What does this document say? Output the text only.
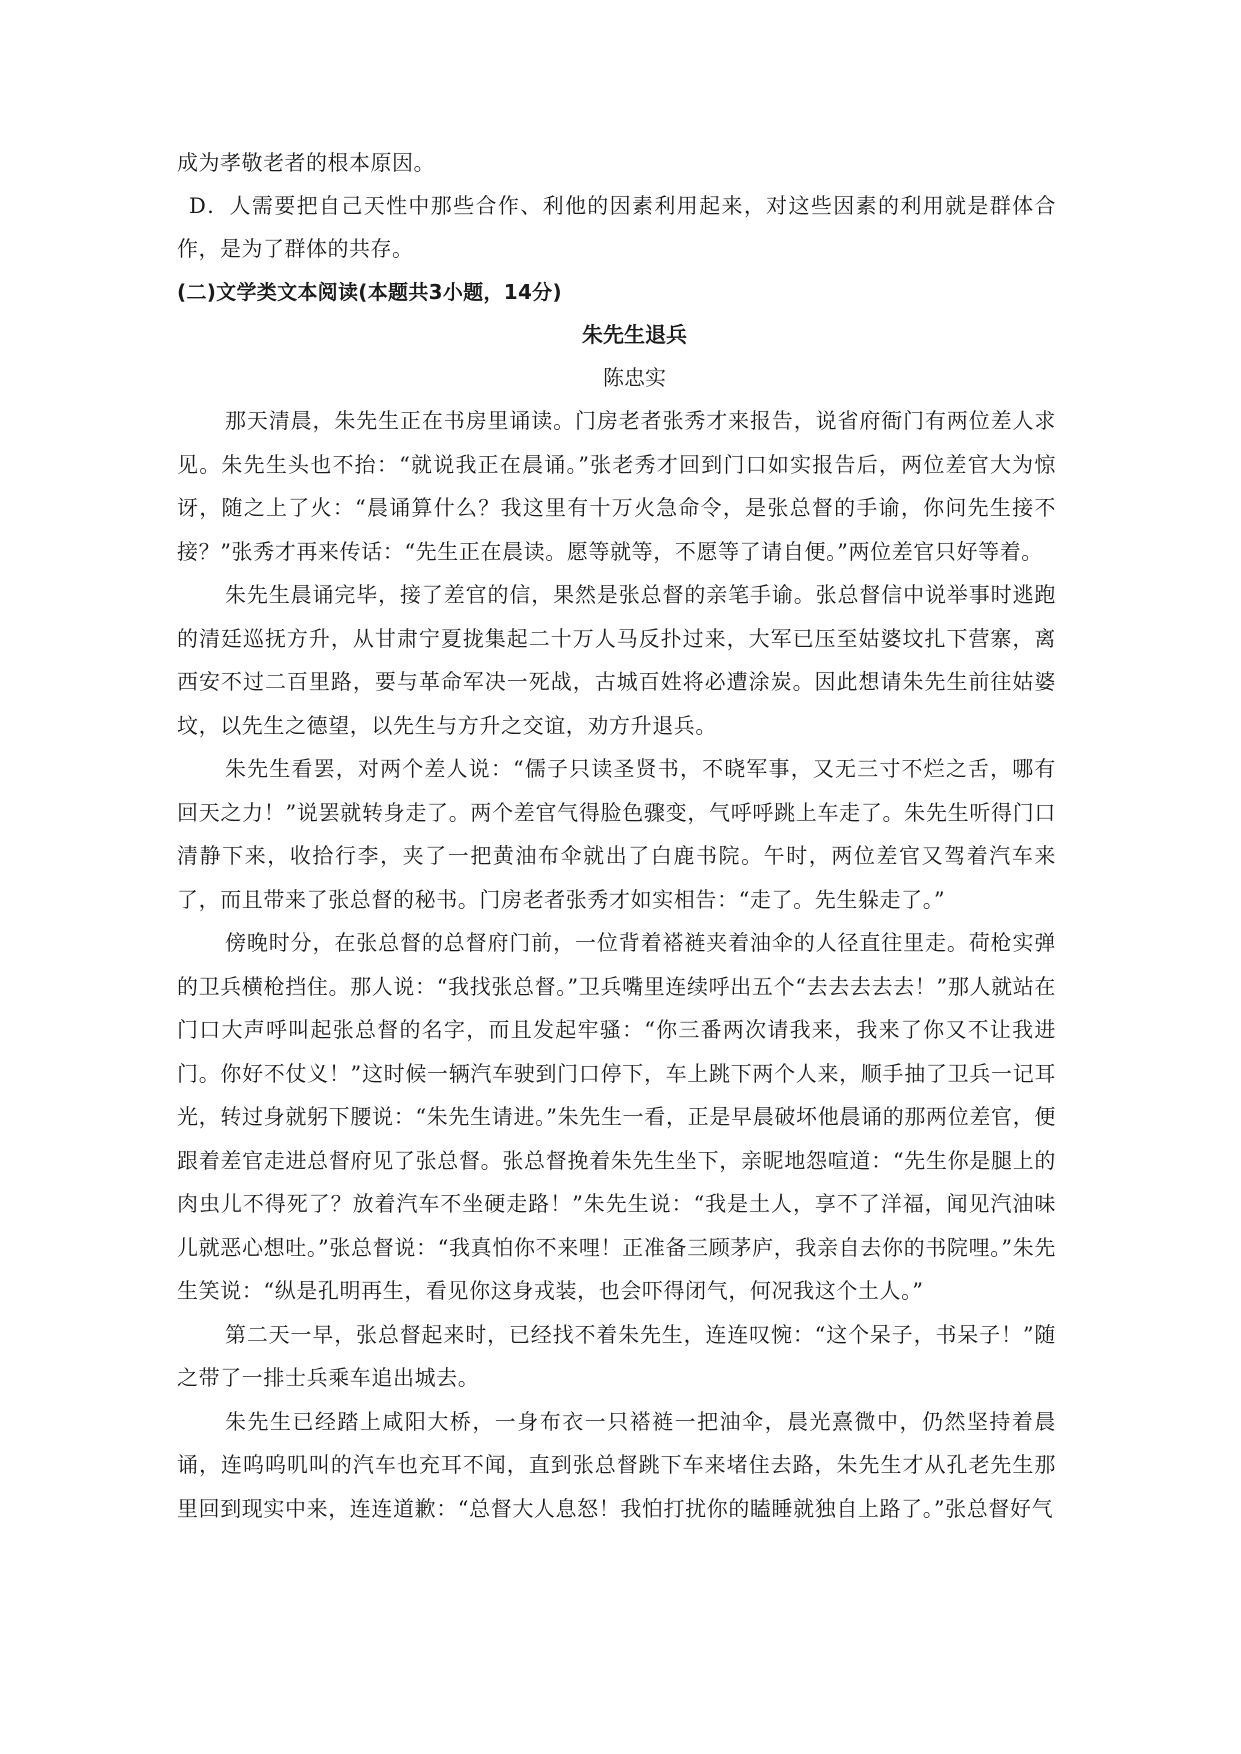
成为孝敬老者的根本原因。

D．人需要把自己天性中那些合作、利他的因素利用起来，对这些因素的利用就是群体合作，是为了群体的共存。

(二)文学类文本阅读(本题共3小题，14分)

朱先生退兵

陈忠实

那天清晨，朱先生正在书房里诵读。门房老者张秀才来报告，说省府衙门有两位差人求见。朱先生头也不抬：“就说我正在晨诵。”张老秀才回到门口如实报告后，两位差官大为惊讶，随之上了火：“晨诵算什么？我这里有十万火急命令，是张总督的手谕，你问先生接不接？”张秀才再来传话：“先生正在晨读。愿等就等，不愿等了请自便。”两位差官只好等着。

朱先生晨诵完毕，接了差官的信，果然是张总督的亲笔手谕。张总督信中说举事时逃跑的清廷巡抚方升，从甘肃宁夏拢集起二十万人马反扑过来，大军已压至姑婆坟扎下营寨，离西安不过二百里路，要与革命军决一死战，古城百姓将必遭涂炭。因此想请朱先生前往姑婆坟，以先生之德望，以先生与方升之交谊，劝方升退兵。

朱先生看罢，对两个差人说：“儒子只读圣贤书，不晓军事，又无三寸不烂之舌，哪有回天之力！”说罢就转身走了。两个差官气得脸色骤变，气呼呼跳上车走了。朱先生听得门口清静下来，收拾行李，夹了一把黄油布伞就出了白鹿书院。午时，两位差官又驾着汽车来了，而且带来了张总督的秘书。门房老者张秀才如实相告：“走了。先生躲走了。”

傍晚时分，在张总督的总督府门前，一位背着褡裢夹着油伞的人径直往里走。荷枪实弹的卫兵横枪挡住。那人说：“我找张总督。”卫兵嘴里连续呼出五个“去去去去去！”那人就站在门口大声呼叫起张总督的名字，而且发起牢骚：“你三番两次请我来，我来了你又不让我进门。你好不仗义！”这时候一辆汽车驶到门口停下，车上跳下两个人来，顺手抽了卫兵一记耳光，转过身就躬下腰说：“朱先生请进。”朱先生一看，正是早晨破坏他晨诵的那两位差官，便跟着差官走进总督府见了张总督。张总督挽着朱先生坐下，亲昵地怨喧道：“先生你是腿上的肉虫儿不得死了？放着汽车不坐硬走路！”朱先生说：“我是土人，享不了洋福，闻见汽油味儿就恶心想吐。”张总督说：“我真怕你不来哩！正准备三顾茅庐，我亲自去你的书院哩。”朱先生笑说：“纵是孔明再生，看见你这身戎装，也会吓得闭气，何况我这个土人。”

第二天一早，张总督起来时，已经找不着朱先生，连连叹惋：“这个呆子，书呆子！”随之带了一排士兵乘车追出城去。

朱先生已经踏上咸阳大桥，一身布衣一只褡裢一把油伞，晨光熹微中，仍然坚持着晨诵，连呜呜叽叫的汽车也充耳不闻，直到张总督跳下车来堵住去路，朱先生才从孔老先生那里回到现实中来，连连道歉：“总督大人息怒！我怕打扰你的瞌睡就独自上路了。”张总督好气
